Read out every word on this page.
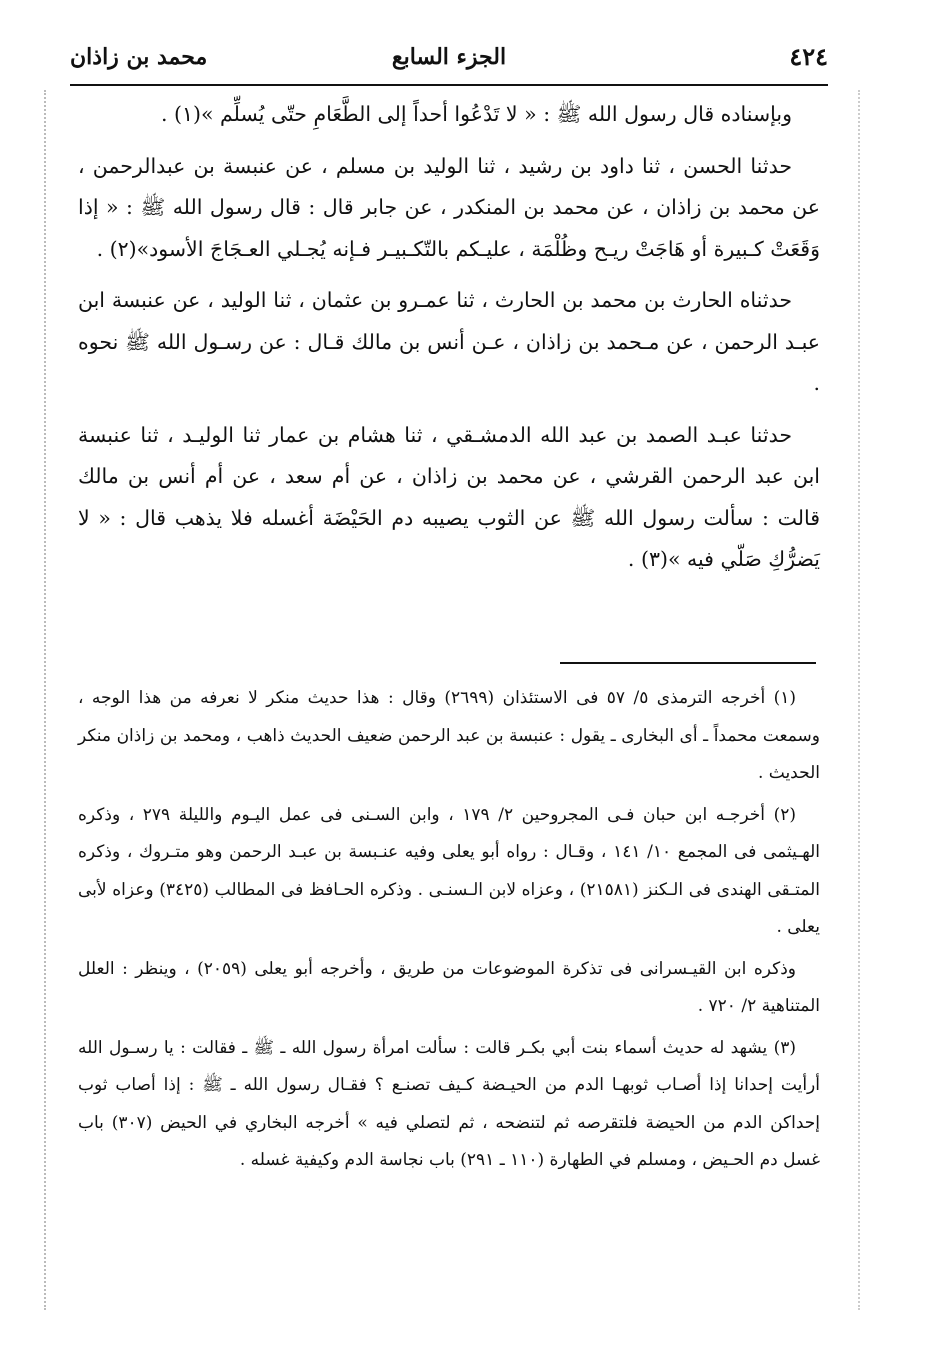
٤٢٤
الجزء السابع
محمد بن زاذان

وبإسناده قال رسول الله ﷺ : « لا تَدْعُوا أحداً إلى الطَّعَامِ حتّى يُسلِّم »(١) .

حدثنا الحسن ، ثنا داود بن رشيد ، ثنا الوليد بن مسلم ، عن عنبسة بن عبدالرحمن ، عن محمد بن زاذان ، عن محمد بن المنكدر ، عن جابر قال : قال رسول الله ﷺ : « إذا وَقَعَتْ كـبيرة أو هَاجَتْ ريـح وظُلْمَة ، عليـكم بالتّكـبيـر فـإنه يُجـلي العـجَاجَ الأسود»(٢) .

حدثناه الحارث بن محمد بن الحارث ، ثنا عمـرو بن عثمان ، ثنا الوليد ، عن عنبسة ابن عبـد الرحمن ، عن مـحمد بن زاذان ، عـن أنس بن مالك قـال : عن رسـول الله ﷺ نحوه .

حدثنا عبـد الصمد بن عبد الله الدمشـقي ، ثنا هشام بن عمار ثنا الوليـد ، ثنا عنبسة ابن عبد الرحمن القرشي ، عن محمد بن زاذان ، عن أم سعد ، عن أم أنس بن مالك قالت : سألت رسول الله ﷺ عن الثوب يصيبه دم الحَيْضَة أغسله فلا يذهب قال : « لا يَضرُّكِ صَلّي فيه »(٣) .

(١) أخرجه الترمذى ٥/ ٥٧ فى الاستئذان (٢٦٩٩) وقال : هذا حديث منكر لا نعرفه من هذا الوجه ، وسمعت محمداً ـ أى البخارى ـ يقول : عنبسة بن عبد الرحمن ضعيف الحديث ذاهب ، ومحمد بن زاذان منكر الحديث .

(٢) أخرجـه ابن حبان فـى المجروحين ٢/ ١٧٩ ، وابن السـنى فى عمل اليـوم والليلة ٢٧٩ ، وذكره الهـيثمى فى المجمع ١٠/ ١٤١ ، وقـال : رواه أبو يعلى وفيه عنـبسة بن عبـد الرحمن وهو متـروك ، وذكره المتـقى الهندى فى الـكنز (٢١٥٨١) ، وعزاه لابن الـسنـى . وذكره الحـافظ فى المطالب (٣٤٢٥) وعزاه لأبى يعلى .

وذكره ابن القيـسرانى فى تذكرة الموضوعات من طريق ، وأخرجه أبو يعلى (٢٠٥٩) ، وينظر : العلل المتناهية ٢/ ٧٢٠ .

(٣) يشهد له حديث أسماء بنت أبي بكـر قالت : سألت امرأة رسول الله ـ ﷺ ـ فقالت : يا رسـول الله أرأيت إحدانا إذا أصـاب ثوبهـا الدم من الحيـضة كـيف تصنـع ؟ فقـال رسول الله ـ ﷺ : إذا أصاب ثوب إحداكن الدم من الحيضة فلتقرصه ثم لتنضحه ، ثم لتصلي فيه » أخرجه البخاري في الحيض (٣٠٧) باب غسل دم الحـيض ، ومسلم في الطهارة (١١٠ ـ ٢٩١) باب نجاسة الدم وكيفية غسله .
